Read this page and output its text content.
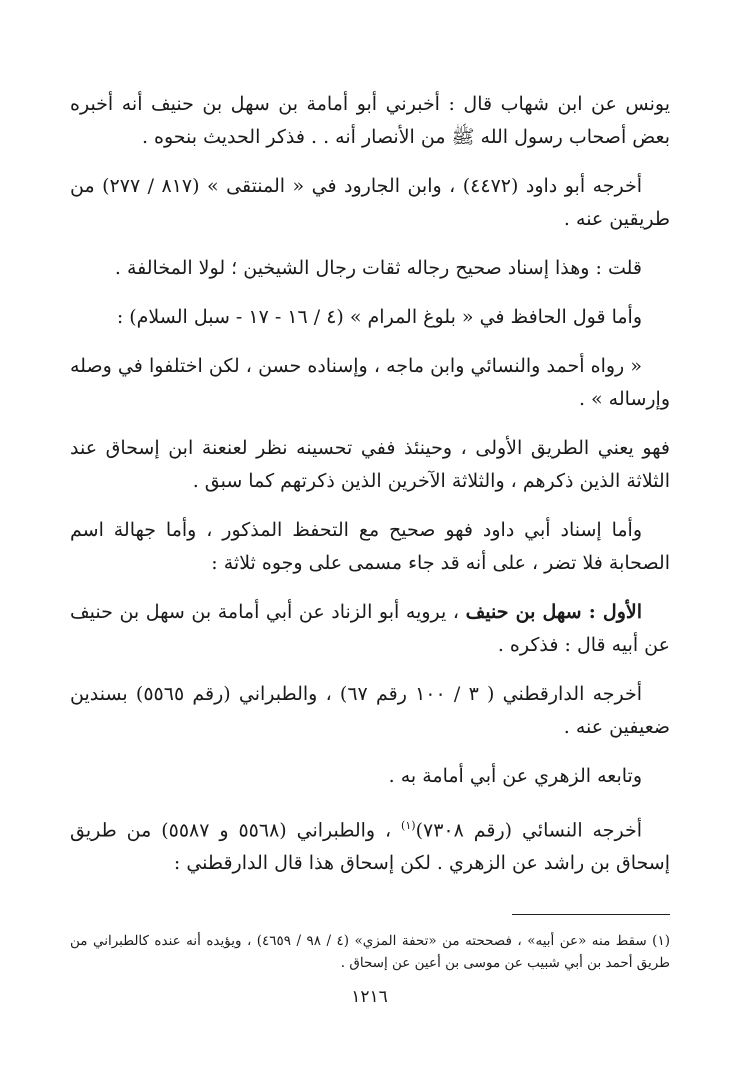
يونس عن ابن شهاب قال : أخبرني أبو أمامة بن سهل بن حنيف أنه أخبره بعض أصحاب رسول الله ﷺ من الأنصار أنه . . فذكر الحديث بنحوه .

أخرجه أبو داود (٤٤٧٢) ، وابن الجارود في « المنتقى » (٨١٧ / ٢٧٧) من طريقين عنه .

قلت : وهذا إسناد صحيح رجاله ثقات رجال الشيخين ؛ لولا المخالفة .

وأما قول الحافظ في « بلوغ المرام » (٤ / ١٦ - ١٧ - سبل السلام) :

« رواه أحمد والنسائي وابن ماجه ، وإسناده حسن ، لكن اختلفوا في وصله وإرساله » .

فهو يعني الطريق الأولى ، وحينئذ ففي تحسينه نظر لعنعنة ابن إسحاق عند الثلاثة الذين ذكرهم ، والثلاثة الآخرين الذين ذكرتهم كما سبق .

وأما إسناد أبي داود فهو صحيح مع التحفظ المذكور ، وأما جهالة اسم الصحابة فلا تضر ، على أنه قد جاء مسمى على وجوه ثلاثة :

الأول : سهل بن حنيف ، يرويه أبو الزناد عن أبي أمامة بن سهل بن حنيف عن أبيه قال : فذكره .

أخرجه الدارقطني ( ٣ / ١٠٠ رقم ٦٧) ، والطبراني (رقم ٥٥٦٥) بسندين ضعيفين عنه .

وتابعه الزهري عن أبي أمامة به .

أخرجه النسائي (رقم ٧٣٠٨)$^{(١)}$ ، والطبراني (٥٥٦٨ و ٥٥٨٧) من طريق إسحاق بن راشد عن الزهري . لكن إسحاق هذا قال الدارقطني :

(١) سقط منه «عن أبيه» ، فصححته من «تحفة المزي» (٤ / ٩٨ / ٤٦٥٩) ، ويؤيده أنه عنده كالطبراني من طريق أحمد بن أبي شبيب عن موسى بن أعين عن إسحاق .
١٢١٦
